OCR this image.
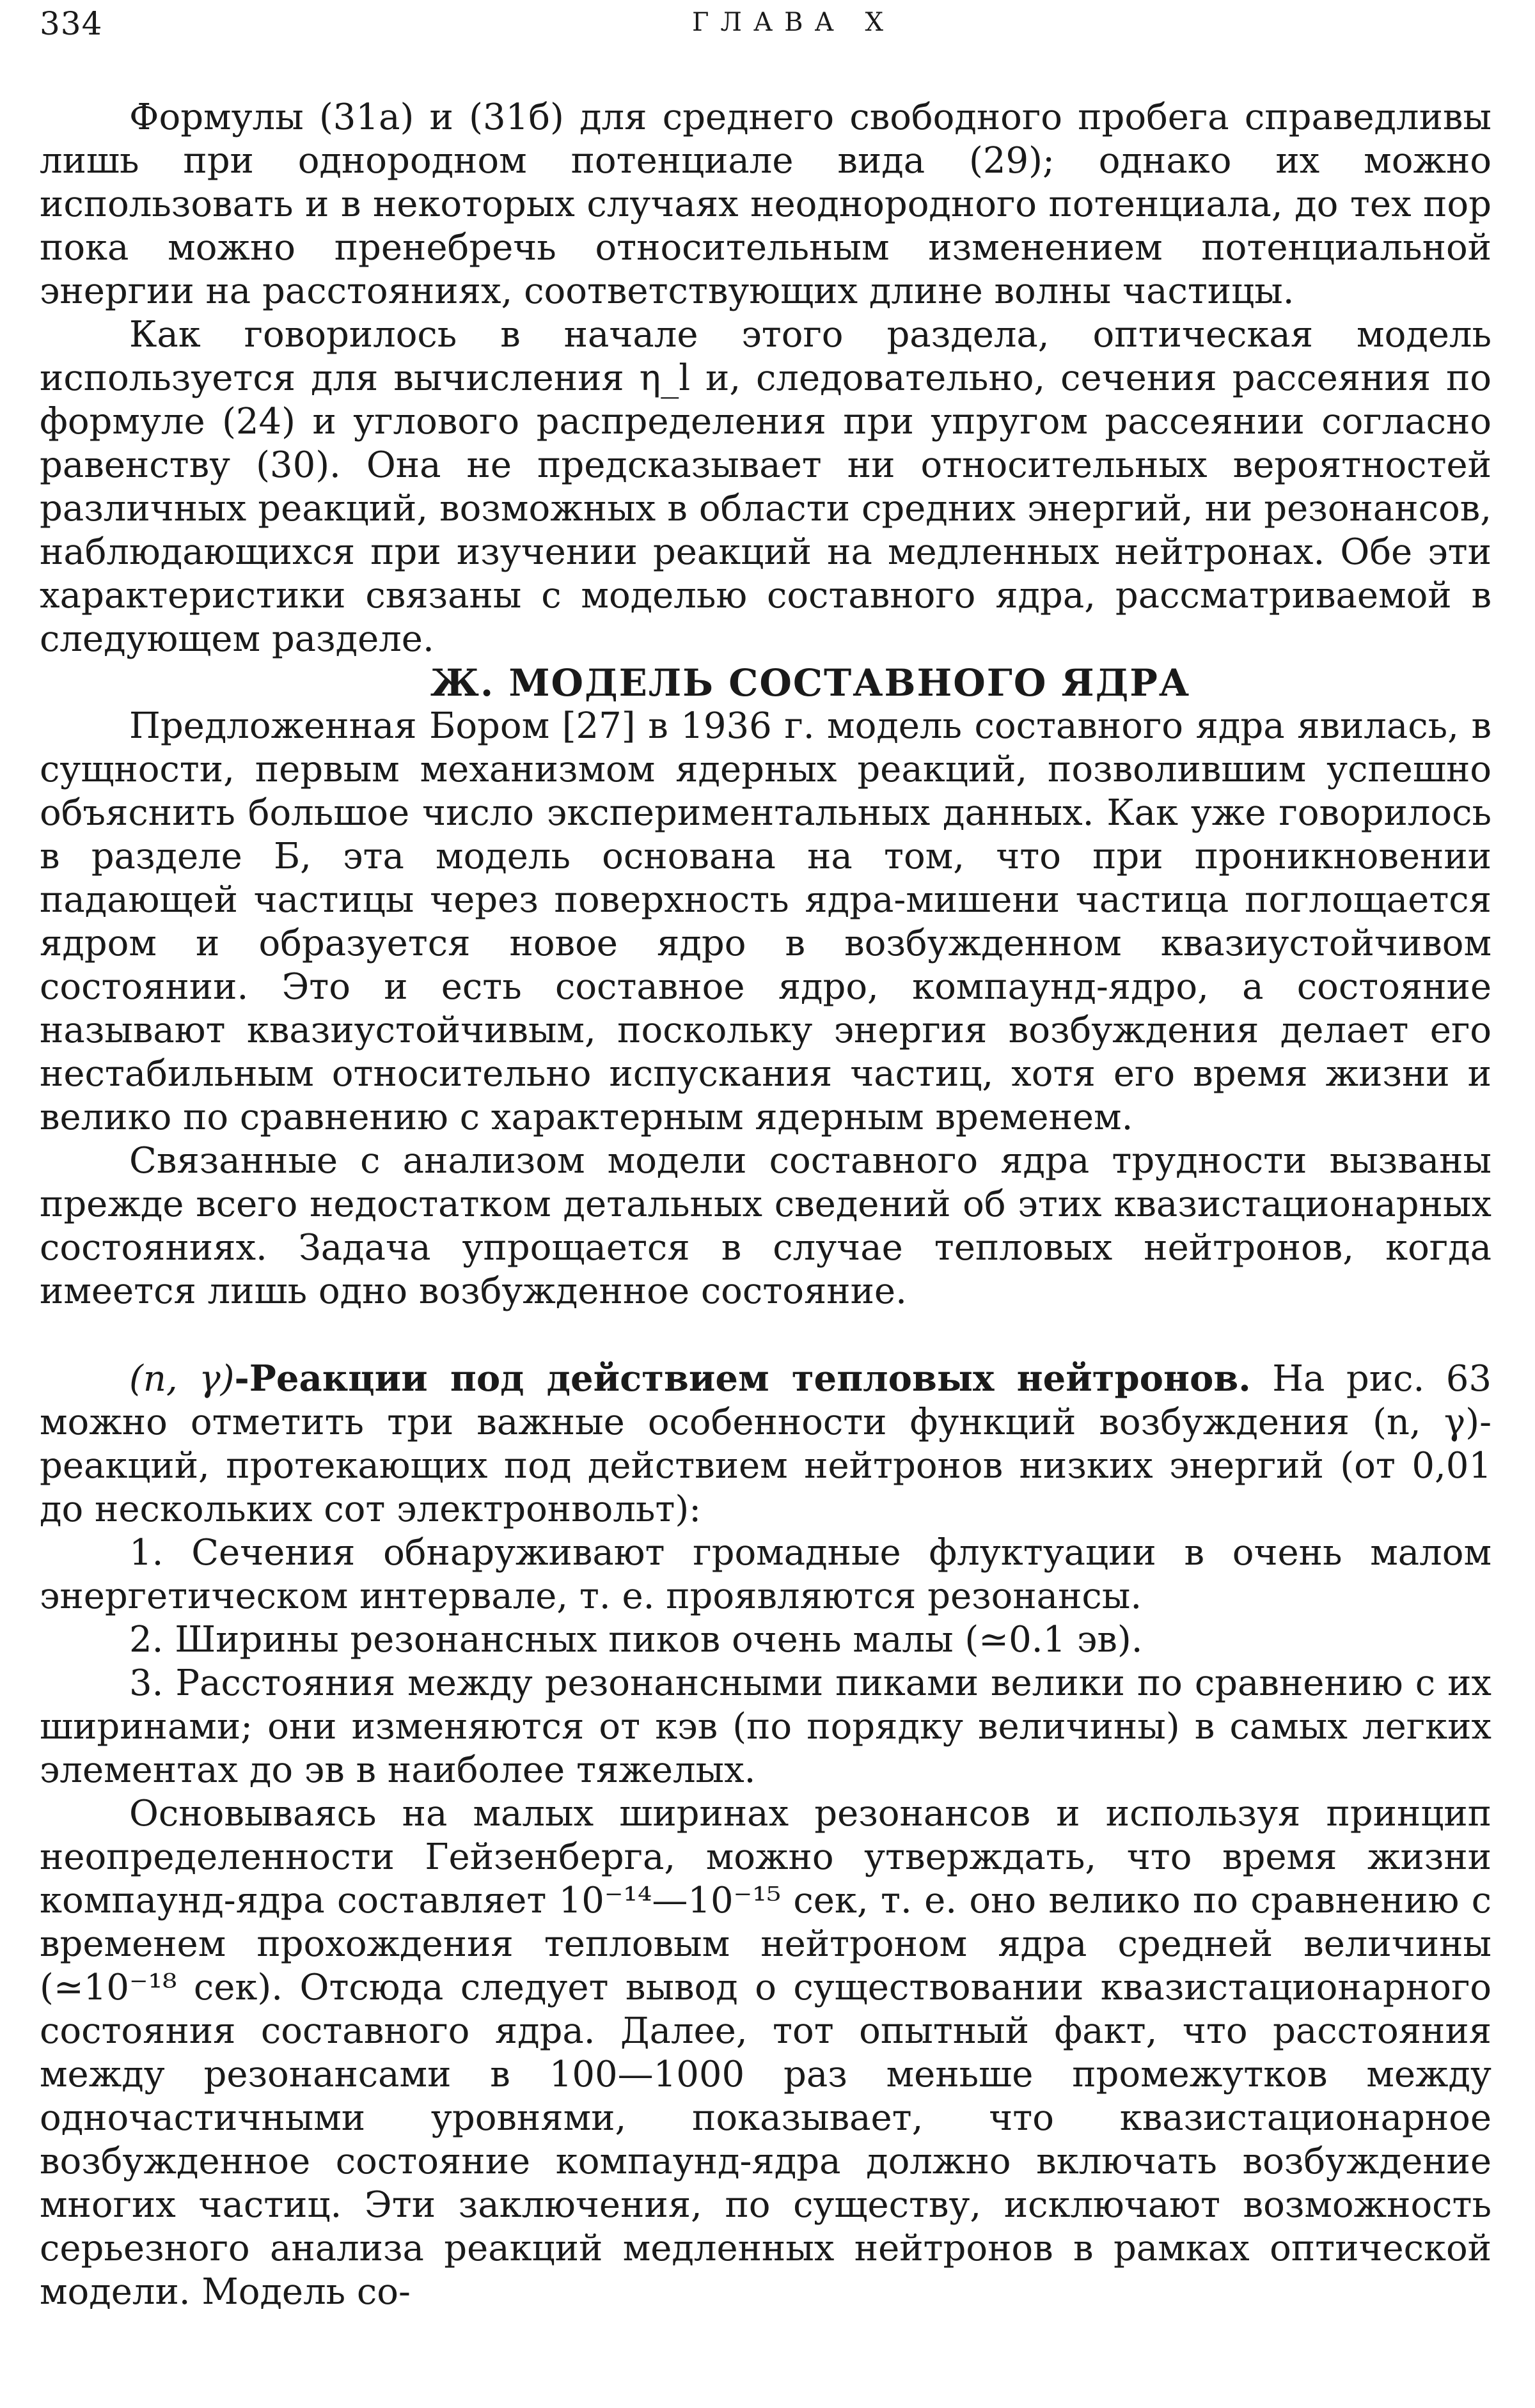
334	ГЛАВА X

Формулы (31а) и (31б) для среднего свободного пробега справедливы лишь при однородном потенциале вида (29); однако их можно использовать и в некоторых случаях неоднородного потенциала, до тех пор пока можно пренебречь относительным изменением потенциальной энергии на расстояниях, соответствующих длине волны частицы.

Как говорилось в начале этого раздела, оптическая модель используется для вычисления η_l и, следовательно, сечения рассеяния по формуле (24) и углового распределения при упругом рассеянии согласно равенству (30). Она не предсказывает ни относительных вероятностей различных реакций, возможных в области средних энергий, ни резонансов, наблюдающихся при изучении реакций на медленных нейтронах. Обе эти характеристики связаны с моделью составного ядра, рассматриваемой в следующем разделе.

Ж. МОДЕЛЬ СОСТАВНОГО ЯДРА

Предложенная Бором [27] в 1936 г. модель составного ядра явилась, в сущности, первым механизмом ядерных реакций, позволившим успешно объяснить большое число экспериментальных данных. Как уже говорилось в разделе Б, эта модель основана на том, что при проникновении падающей частицы через поверхность ядра-мишени частица поглощается ядром и образуется новое ядро в возбужденном квазиустойчивом состоянии. Это и есть составное ядро, компаунд-ядро, а состояние называют квазиустойчивым, поскольку энергия возбуждения делает его нестабильным относительно испускания частиц, хотя его время жизни и велико по сравнению с характерным ядерным временем.

Связанные с анализом модели составного ядра трудности вызваны прежде всего недостатком детальных сведений об этих квазистационарных состояниях. Задача упрощается в случае тепловых нейтронов, когда имеется лишь одно возбужденное состояние.

(n, γ)-Реакции под действием тепловых нейтронов. На рис. 63 можно отметить три важные особенности функций возбуждения (n, γ)-реакций, протекающих под действием нейтронов низких энергий (от 0,01 до нескольких сот электронвольт):

1. Сечения обнаруживают громадные флуктуации в очень малом энергетическом интервале, т. е. проявляются резонансы.

2. Ширины резонансных пиков очень малы (≃0.1 эв).

3. Расстояния между резонансными пиками велики по сравнению с их ширинами; они изменяются от кэв (по порядку величины) в самых легких элементах до эв в наиболее тяжелых.

Основываясь на малых ширинах резонансов и используя принцип неопределенности Гейзенберга, можно утверждать, что время жизни компаунд-ядра составляет 10⁻¹⁴—10⁻¹⁵ сек, т. е. оно велико по сравнению с временем прохождения тепловым нейтроном ядра средней величины (≃10⁻¹⁸ сек). Отсюда следует вывод о существовании квазистационарного состояния составного ядра. Далее, тот опытный факт, что расстояния между резонансами в 100—1000 раз меньше промежутков между одночастичными уровнями, показывает, что квазистационарное возбужденное состояние компаунд-ядра должно включать возбуждение многих частиц. Эти заключения, по существу, исключают возможность серьезного анализа реакций медленных нейтронов в рамках оптической модели. Модель со-
